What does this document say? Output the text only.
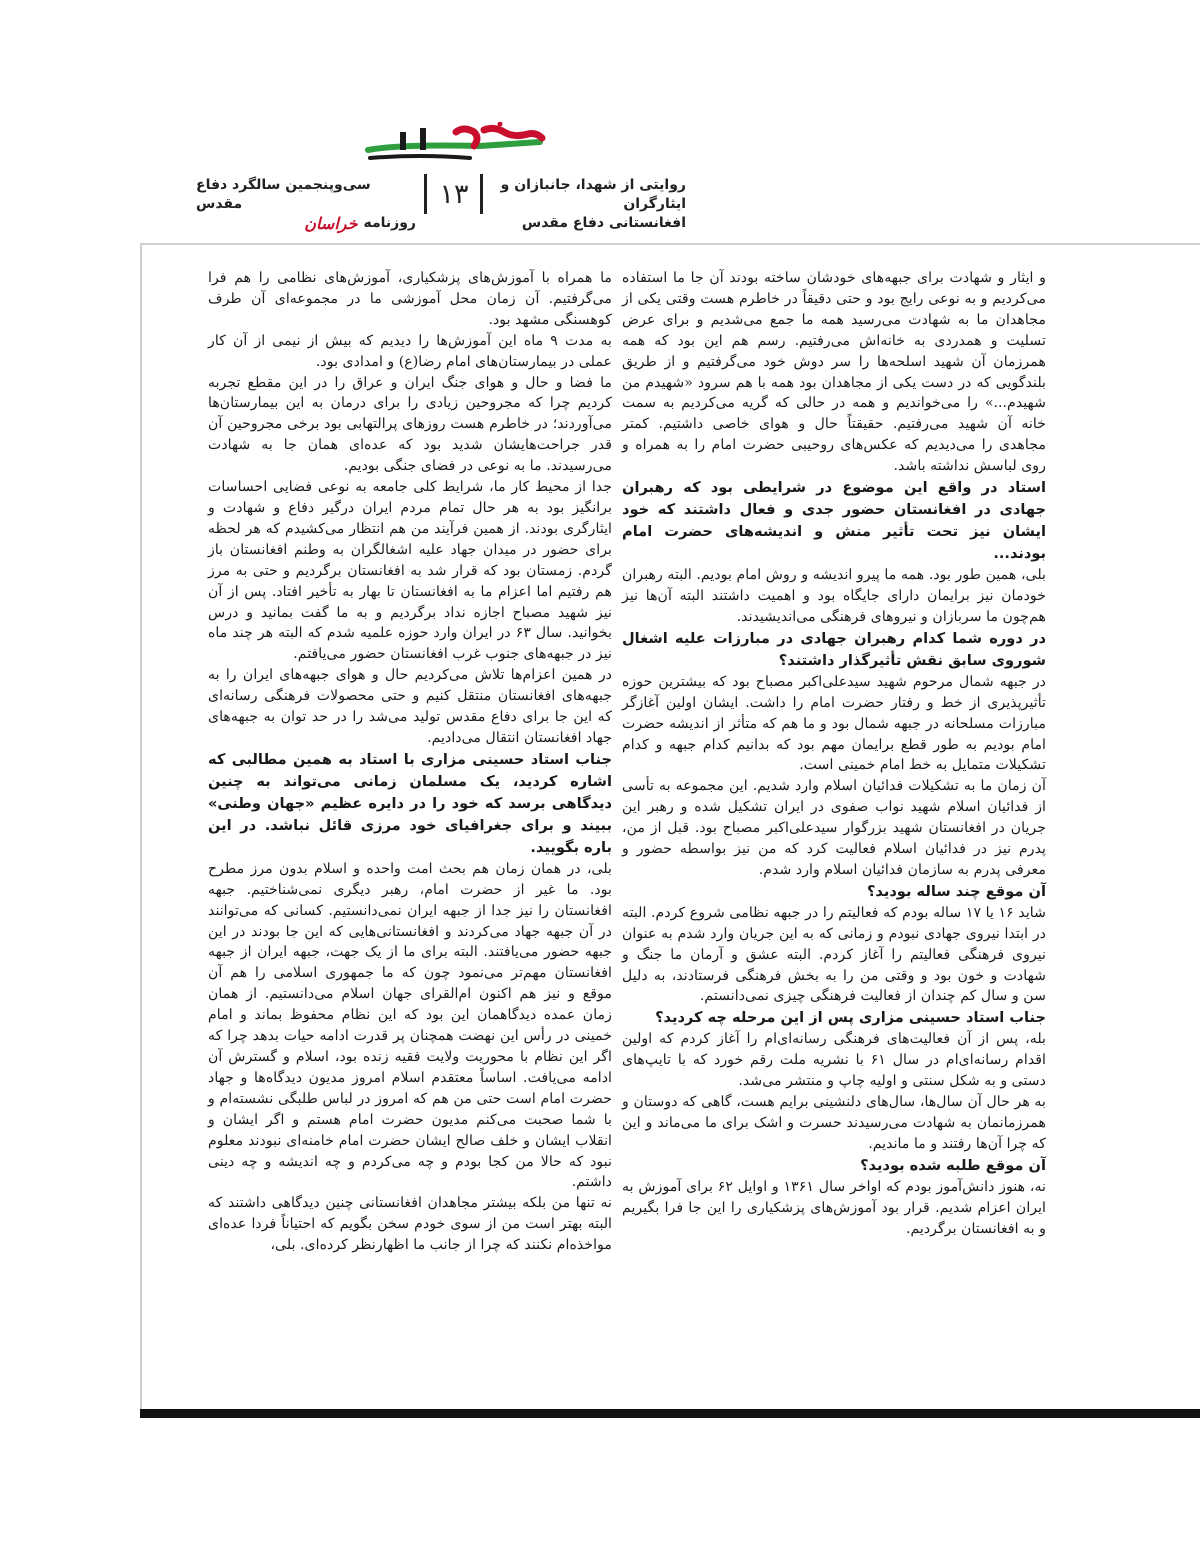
روایتی از شهدا، جانبازان و ایثارگران
افغانستانی دفاع مقدس
۱۳
سی‌وپنجمین سالگرد دفاع مقدس
روزنامه
خراسان

و ایثار و شهادت برای جبهه‌های خودشان ساخته بودند آن جا ما استفاده می‌کردیم و به نوعی رایج بود و حتی دقیقاً در خاطرم هست وقتی یکی از مجاهدان ما به شهادت می‌رسید همه ما جمع می‌شدیم و برای عرض تسلیت و همدردی به خانه‌اش می‌رفتیم. رسم هم این بود که همه همرزمان آن شهید اسلحه‌ها را سر دوش خود می‌گرفتیم و از طریق بلندگویی که در دست یکی از مجاهدان بود همه با هم سرود «شهیدم من شهیدم...» را می‌خواندیم و همه در حالی که گریه می‌کردیم به سمت خانه آن شهید می‌رفتیم. حقیقتاً حال و هوای خاصی داشتیم. کمتر مجاهدی را می‌دیدیم که عکس‌های روحیبی حضرت امام را به همراه و روی لباسش نداشته باشد.

استاد در واقع این موضوع در شرایطی بود که رهبران جهادی در افغانستان حضور جدی و فعال داشتند که خود ایشان نیز تحت تأثیر منش و اندیشه‌های حضرت امام بودند...

بلی، همین طور بود. همه ما پیرو اندیشه و روش امام بودیم. البته رهبران خودمان نیز برایمان دارای جایگاه بود و اهمیت داشتند البته آن‌ها نیز هم‌چون ما سربازان و نیروهای فرهنگی می‌اندیشیدند.

در دوره شما کدام رهبران جهادی در مبارزات علیه اشغال شوروی سابق نقش تأثیرگذار داشتند؟

در جبهه شمال مرحوم شهید سیدعلی‌اکبر مصباح بود که بیشترین حوزه تأثیرپذیری از خط و رفتار حضرت امام را داشت. ایشان اولین آغازگر مبارزات مسلحانه در جبهه شمال بود و ما هم که متأثر از اندیشه حضرت امام بودیم به طور قطع برایمان مهم بود که بدانیم کدام جبهه و کدام تشکیلات متمایل به خط امام خمینی است.

آن زمان ما به تشکیلات فدائیان اسلام وارد شدیم. این مجموعه به تأسی از فدائیان اسلام شهید نواب صفوی در ایران تشکیل شده و رهبر این جریان در افغانستان شهید بزرگوار سیدعلی‌اکبر مصباح بود. قبل از من، پدرم نیز در فدائیان اسلام فعالیت کرد که من نیز بواسطه حضور و معرفی پدرم به سازمان فدائیان اسلام وارد شدم.

آن موقع چند ساله بودید؟

شاید ۱۶ یا ۱۷ ساله بودم که فعالیتم را در جبهه نظامی شروع کردم. البته در ابتدا نیروی جهادی نبودم و زمانی که به این جریان وارد شدم به عنوان نیروی فرهنگی فعالیتم را آغاز کردم. البته عشق و آرمان ما جنگ و شهادت و خون بود و وقتی من را به بخش فرهنگی فرستادند، به دلیل سن و سال کم چندان از فعالیت فرهنگی چیزی نمی‌دانستم.

جناب استاد حسینی مزاری پس از این مرحله چه کردید؟

بله، پس از آن فعالیت‌های فرهنگی رسانه‌ای‌ام را آغاز کردم که اولین اقدام رسانه‌ای‌ام در سال ۶۱ با نشریه ملت رقم خورد که با تایپ‌های دستی و به شکل سنتی و اولیه چاپ و منتشر می‌شد.

به هر حال آن سال‌ها، سال‌های دلنشینی برایم هست، گاهی که دوستان و همرزمانمان به شهادت می‌رسیدند حسرت و اشک برای ما می‌ماند و این که چرا آن‌ها رفتند و ما ماندیم.

آن موقع طلبه شده بودید؟

نه، هنوز دانش‌آموز بودم که اواخر سال ۱۳۶۱ و اوایل ۶۲ برای آموزش به ایران اعزام شدیم. قرار بود آموزش‌های پزشکیاری را این جا فرا بگیریم و به افغانستان برگردیم.

ما همراه با آموزش‌های پزشکیاری، آموزش‌های نظامی را هم فرا می‌گرفتیم. آن زمان محل آموزشی ما در مجموعه‌ای آن طرف کوهسنگی مشهد بود.

به مدت ۹ ماه این آموزش‌ها را دیدیم که بیش از نیمی از آن کار عملی در بیمارستان‌های امام رضا(ع) و امدادی بود.

ما فضا و حال و هوای جنگ ایران و عراق را در این مقطع تجربه کردیم چرا که مجروحین زیادی را برای درمان به این بیمارستان‌ها می‌آوردند؛ در خاطرم هست روزهای پرالتهابی بود برخی مجروحین آن قدر جراحت‌هایشان شدید بود که عده‌ای همان جا به شهادت می‌رسیدند. ما به نوعی در فضای جنگی بودیم.

جدا از محیط کار ما، شرایط کلی جامعه به نوعی فضایی احساسات برانگیز بود به هر حال تمام مردم ایران درگیر دفاع و شهادت و ایثارگری بودند. از همین فرآیند من هم انتظار می‌کشیدم که هر لحظه برای حضور در میدان جهاد علیه اشغالگران به وطنم افغانستان باز گردم. زمستان بود که قرار شد به افغانستان برگردیم و حتی به مرز هم رفتیم اما اعزام ما به افغانستان تا بهار به تأخیر افتاد. پس از آن نیز شهید مصباح اجازه نداد برگردیم و به ما گفت بمانید و درس بخوانید. سال ۶۳ در ایران وارد حوزه علمیه شدم که البته هر چند ماه نیز در جبهه‌های جنوب غرب افغانستان حضور می‌یافتم.

در همین اعزام‌ها تلاش می‌کردیم حال و هوای جبهه‌های ایران را به جبهه‌های افغانستان منتقل کنیم و حتی محصولات فرهنگی رسانه‌ای که این جا برای دفاع مقدس تولید می‌شد را در حد توان به جبهه‌های جهاد افغانستان انتقال می‌دادیم.

جناب استاد حسینی مزاری با استاد به همین مطالبی که اشاره کردید، یک مسلمان زمانی می‌تواند به چنین دیدگاهی برسد که خود را در دایره عظیم «جهان وطنی» ببیند و برای جغرافیای خود مرزی قائل نباشد. در این باره بگویید.

بلی، در همان زمان هم بحث امت واحده و اسلام بدون مرز مطرح بود. ما غیر از حضرت امام، رهبر دیگری نمی‌شناختیم. جبهه افغانستان را نیز جدا از جبهه ایران نمی‌دانستیم. کسانی که می‌توانند در آن جبهه جهاد می‌کردند و افغانستانی‌هایی که این جا بودند در این جبهه حضور می‌یافتند. البته برای ما از یک جهت، جبهه ایران از جبهه افغانستان مهم‌تر می‌نمود چون که ما جمهوری اسلامی را هم آن موقع و نیز هم اکنون ام‌القرای جهان اسلام می‌دانستیم. از همان زمان عمده دیدگاهمان این بود که این نظام محفوظ بماند و امام خمینی در رأس این نهضت همچنان پر قدرت ادامه حیات بدهد چرا که اگر این نظام با محوریت ولایت فقیه زنده بود، اسلام و گسترش آن ادامه می‌یافت. اساساً معتقدم اسلام امروز مدیون دیدگاه‌ها و جهاد حضرت امام است حتی من هم که امروز در لباس طلبگی نشسته‌ام و با شما صحبت می‌کنم مدیون حضرت امام هستم و اگر ایشان و انقلاب ایشان و خلف صالح ایشان حضرت امام خامنه‌ای نبودند معلوم نبود که حالا من کجا بودم و چه می‌کردم و چه اندیشه و چه دینی داشتم.

نه تنها من بلکه بیشتر مجاهدان افغانستانی چنین دیدگاهی داشتند که البته بهتر است من از سوی خودم سخن بگویم که احتیاناً فردا عده‌ای مواخذه‌ام نکنند که چرا از جانب ما اظهارنظر کرده‌ای. بلی،
